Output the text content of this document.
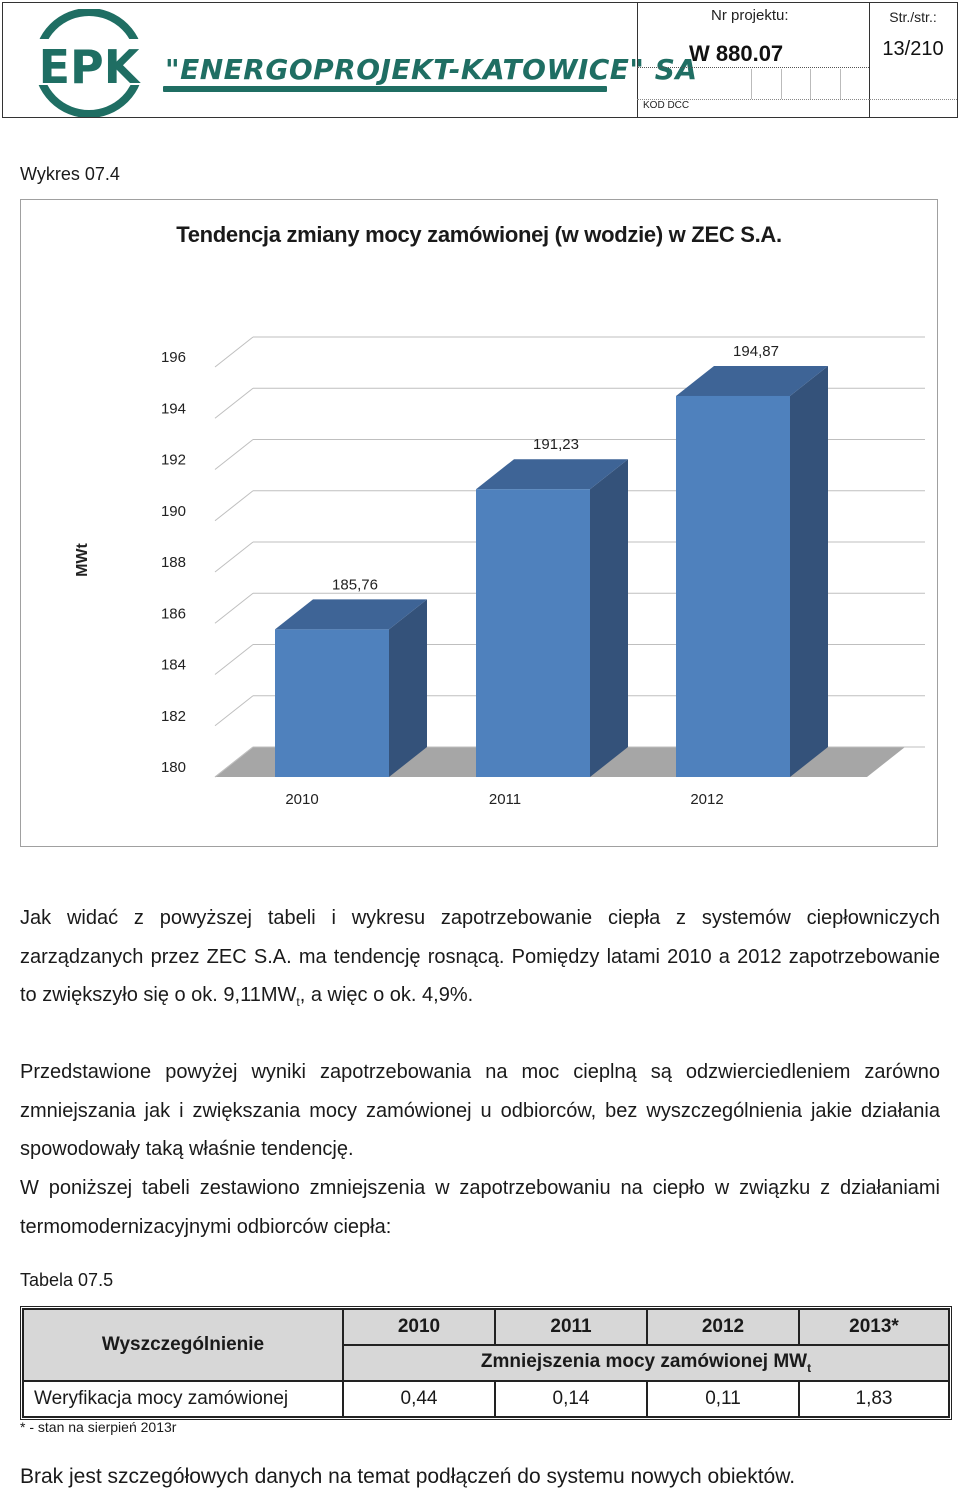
EPK "ENERGOPROJEKT-KATOWICE" SA
Nr projektu:
W 880.07
KOD DCC
Str./str.:
13/210
Wykres 07.4
Tendencja zmiany mocy zamówionej (w wodzie) w ZEC S.A.
180
182
184
186
188
190
192
194
196
MWt
185,76
2010
191,23
2011
194,87
2012
Jak widać z powyższej tabeli i wykresu zapotrzebowanie ciepła z systemów ciepłowniczych zarządzanych przez ZEC S.A. ma tendencję rosnącą. Pomiędzy latami 2010 a 2012 zapotrzebowanie to zwiększyło się o ok. $9,11MW_t$, a więc o ok. 4,9%.
Przedstawione powyżej wyniki zapotrzebowania na moc cieplną są odzwierciedleniem zarówno zmniejszania jak i zwiększania mocy zamówionej u odbiorców, bez wyszczególnienia jakie działania spowodowały taką właśnie tendencję.
W poniższej tabeli zestawiono zmniejszenia w zapotrzebowaniu na ciepło w związku z działaniami termomodernizacyjnymi odbiorców ciepła:
Tabela 07.5
Wyszczególnienie	2010	2011	2012	2013*
	Zmniejszenia mocy zamówionej $MW_t$
Weryfikacja mocy zamówionej	0,44	0,14	0,11	1,83
* - stan na sierpień 2013r
Brak jest szczegółowych danych na temat podłączeń do systemu nowych obiektów.
